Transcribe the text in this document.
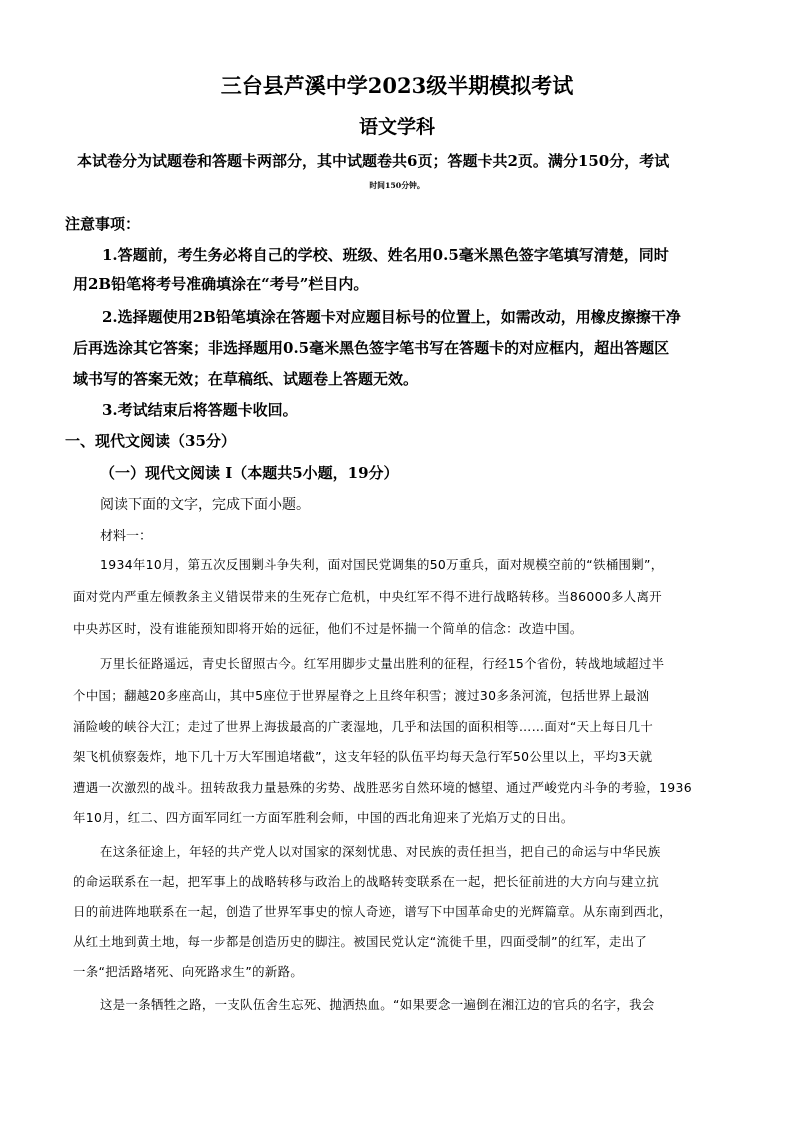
三台县芦溪中学2023级半期模拟考试

语文学科

本试卷分为试题卷和答题卡两部分，其中试题卷共6页；答题卡共2页。满分150分，考试

时间150分钟。

注意事项：

1.答题前，考生务必将自己的学校、班级、姓名用0.5毫米黑色签字笔填写清楚，同时

用2B铅笔将考号准确填涂在“考号”栏目内。

2.选择题使用2B铅笔填涂在答题卡对应题目标号的位置上，如需改动，用橡皮擦擦干净

后再选涂其它答案；非选择题用0.5毫米黑色签字笔书写在答题卡的对应框内，超出答题区

域书写的答案无效；在草稿纸、试题卷上答题无效。

3.考试结束后将答题卡收回。

一、现代文阅读（35分）

（一）现代文阅读 I（本题共5小题，19分）

阅读下面的文字，完成下面小题。

材料一：

1934年10月，第五次反围剿斗争失利，面对国民党调集的50万重兵，面对规模空前的“铁桶围剿”，

面对党内严重左倾教条主义错误带来的生死存亡危机，中央红军不得不进行战略转移。当86000多人离开

中央苏区时，没有谁能预知即将开始的远征，他们不过是怀揣一个简单的信念：改造中国。

万里长征路遥远，青史长留照古今。红军用脚步丈量出胜利的征程，行经15个省份，转战地域超过半

个中国；翻越20多座高山，其中5座位于世界屋脊之上且终年积雪；渡过30多条河流，包括世界上最汹

涌险峻的峡谷大江；走过了世界上海拔最高的广袤湿地，几乎和法国的面积相等……面对“天上每日几十

架飞机侦察轰炸，地下几十万大军围追堵截”，这支年轻的队伍平均每天急行军50公里以上，平均3天就

遭遇一次激烈的战斗。扭转敌我力量悬殊的劣势、战胜恶劣自然环境的憾望、通过严峻党内斗争的考验，1936

年10月，红二、四方面军同红一方面军胜利会师，中国的西北角迎来了光焰万丈的日出。

在这条征途上，年轻的共产党人以对国家的深刻忧患、对民族的责任担当，把自己的命运与中华民族

的命运联系在一起，把军事上的战略转移与政治上的战略转变联系在一起，把长征前进的大方向与建立抗

日的前进阵地联系在一起，创造了世界军事史的惊人奇迹，谱写下中国革命史的光辉篇章。从东南到西北，

从红土地到黄土地，每一步都是创造历史的脚注。被国民党认定“流徙千里，四面受制”的红军，走出了

一条“把活路堵死、向死路求生”的新路。

这是一条牺牲之路，一支队伍舍生忘死、抛洒热血。“如果要念一遍倒在湘江边的官兵的名字，我会
